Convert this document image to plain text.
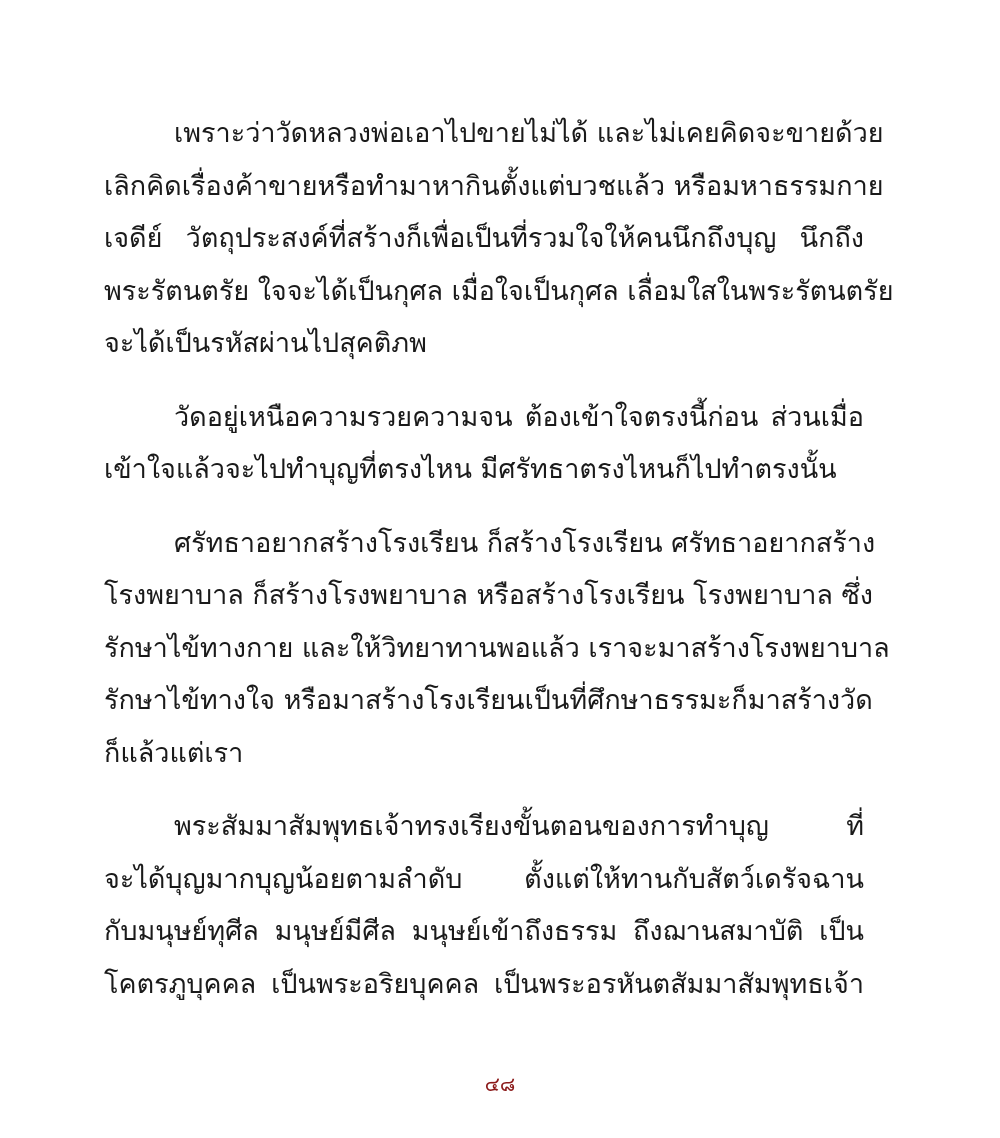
เพราะว่าวัดหลวงพ่อเอาไปขายไม่ได้ และไม่เคยคิดจะขายด้วย
เลิกคิดเรื่องค้าขายหรือทำมาหากินตั้งแต่บวชแล้ว หรือมหาธรรมกาย
เจดีย์ วัตถุประสงค์ที่สร้างก็เพื่อเป็นที่รวมใจให้คนนึกถึงบุญ นึกถึง
พระรัตนตรัย ใจจะได้เป็นกุศล เมื่อใจเป็นกุศล เลื่อมใสในพระรัตนตรัย
จะได้เป็นรหัสผ่านไปสุคติภพ

วัดอยู่เหนือความรวยความจน ต้องเข้าใจตรงนี้ก่อน ส่วนเมื่อ
เข้าใจแล้วจะไปทำบุญที่ตรงไหน มีศรัทธาตรงไหนก็ไปทำตรงนั้น

ศรัทธาอยากสร้างโรงเรียน ก็สร้างโรงเรียน ศรัทธาอยากสร้าง
โรงพยาบาล ก็สร้างโรงพยาบาล หรือสร้างโรงเรียน โรงพยาบาล ซึ่ง
รักษาไข้ทางกาย และให้วิทยาทานพอแล้ว เราจะมาสร้างโรงพยาบาล
รักษาไข้ทางใจ หรือมาสร้างโรงเรียนเป็นที่ศึกษาธรรมะก็มาสร้างวัด
ก็แล้วแต่เรา

พระสัมมาสัมพุทธเจ้าทรงเรียงขั้นตอนของการทำบุญ ที่
จะได้บุญมากบุญน้อยตามลำดับ ตั้งแต่ให้ทานกับสัตว์เดรัจฉาน
กับมนุษย์ทุศีล มนุษย์มีศีล มนุษย์เข้าถึงธรรม ถึงฌานสมาบัติ เป็น
โคตรภูบุคคล เป็นพระอริยบุคคล เป็นพระอรหันตสัมมาสัมพุทธเจ้า

๔๘
